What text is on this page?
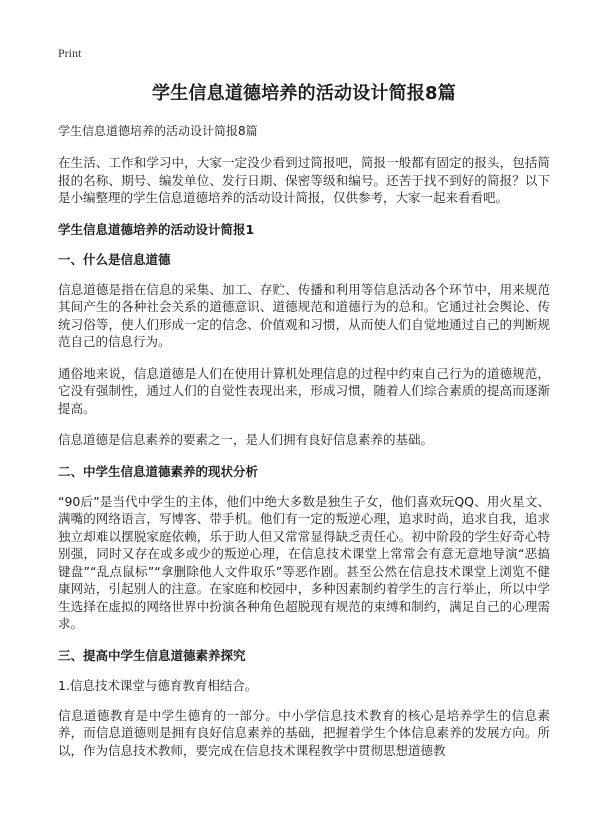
Print
学生信息道德培养的活动设计简报8篇
学生信息道德培养的活动设计简报8篇

在生活、工作和学习中，大家一定没少看到过简报吧，简报一般都有固定的报头，包括简报的名称、期号、编发单位、发行日期、保密等级和编号。还苦于找不到好的简报？以下是小编整理的学生信息道德培养的活动设计简报，仅供参考，大家一起来看看吧。

学生信息道德培养的活动设计简报1
一、什么是信息道德

信息道德是指在信息的采集、加工、存贮、传播和利用等信息活动各个环节中，用来规范其间产生的各种社会关系的道德意识、道德规范和道德行为的总和。它通过社会舆论、传统习俗等，使人们形成一定的信念、价值观和习惯，从而使人们自觉地通过自己的判断规范自己的信息行为。

通俗地来说，信息道德是人们在使用计算机处理信息的过程中约束自己行为的道德规范，它没有强制性，通过人们的自觉性表现出来，形成习惯，随着人们综合素质的提高而逐渐提高。

信息道德是信息素养的要素之一，是人们拥有良好信息素养的基础。

二、中学生信息道德素养的现状分析

“90后”是当代中学生的主体，他们中绝大多数是独生子女，他们喜欢玩QQ、用火星文、满嘴的网络语言，写博客、带手机。他们有一定的叛逆心理，追求时尚，追求自我，追求独立却难以摆脱家庭依赖，乐于助人但又常常显得缺乏责任心。初中阶段的学生好奇心特别强，同时又存在或多或少的叛逆心理，在信息技术课堂上常常会有意无意地导演“恶搞键盘”“乱点鼠标”“拿删除他人文件取乐”等恶作剧。甚至公然在信息技术课堂上浏览不健康网站，引起别人的注意。在家庭和校园中，多种因素制约着学生的言行举止，所以中学生选择在虚拟的网络世界中扮演各种角色超脱现有规范的束缚和制约，满足自己的心理需求。

三、提高中学生信息道德素养探究
1.信息技术课堂与德育教育相结合。

信息道德教育是中学生德育的一部分。中小学信息技术教育的核心是培养学生的信息素养，而信息道德则是拥有良好信息素养的基础，把握着学生个体信息素养的发展方向。所以，作为信息技术教师，要完成在信息技术课程教学中贯彻思想道德教
